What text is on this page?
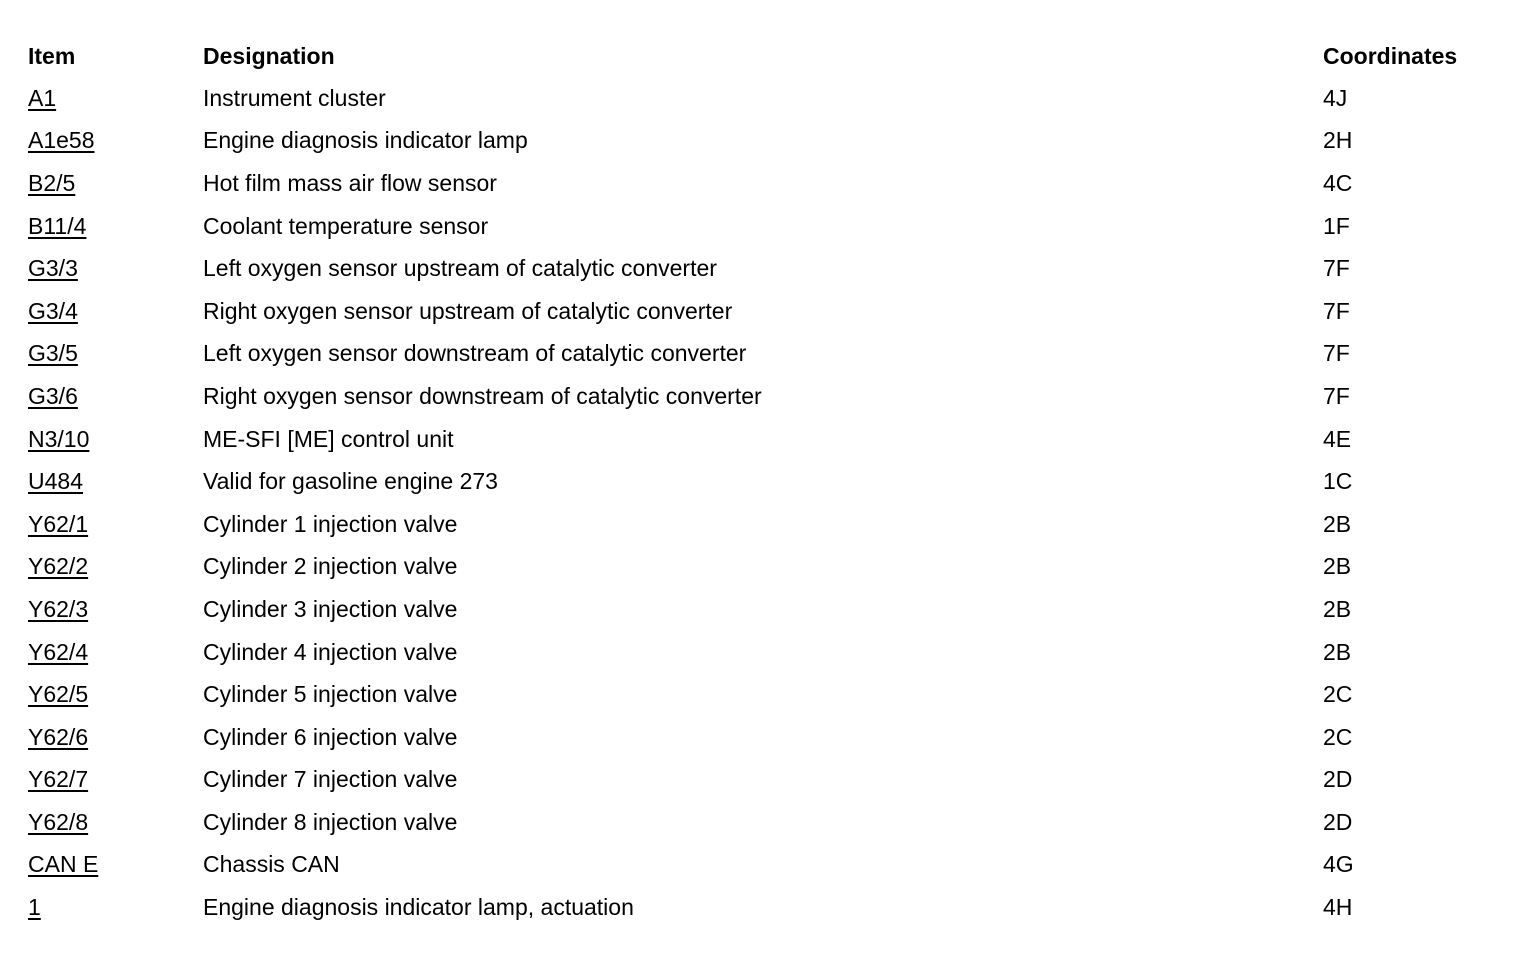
Item	Designation	Coordinates
A1	Instrument cluster	4J
A1e58	Engine diagnosis indicator lamp	2H
B2/5	Hot film mass air flow sensor	4C
B11/4	Coolant temperature sensor	1F
G3/3	Left oxygen sensor upstream of catalytic converter	7F
G3/4	Right oxygen sensor upstream of catalytic converter	7F
G3/5	Left oxygen sensor downstream of catalytic converter	7F
G3/6	Right oxygen sensor downstream of catalytic converter	7F
N3/10	ME-SFI [ME] control unit	4E
U484	Valid for gasoline engine 273	1C
Y62/1	Cylinder 1 injection valve	2B
Y62/2	Cylinder 2 injection valve	2B
Y62/3	Cylinder 3 injection valve	2B
Y62/4	Cylinder 4 injection valve	2B
Y62/5	Cylinder 5 injection valve	2C
Y62/6	Cylinder 6 injection valve	2C
Y62/7	Cylinder 7 injection valve	2D
Y62/8	Cylinder 8 injection valve	2D
CAN E	Chassis CAN	4G
1	Engine diagnosis indicator lamp, actuation	4H
